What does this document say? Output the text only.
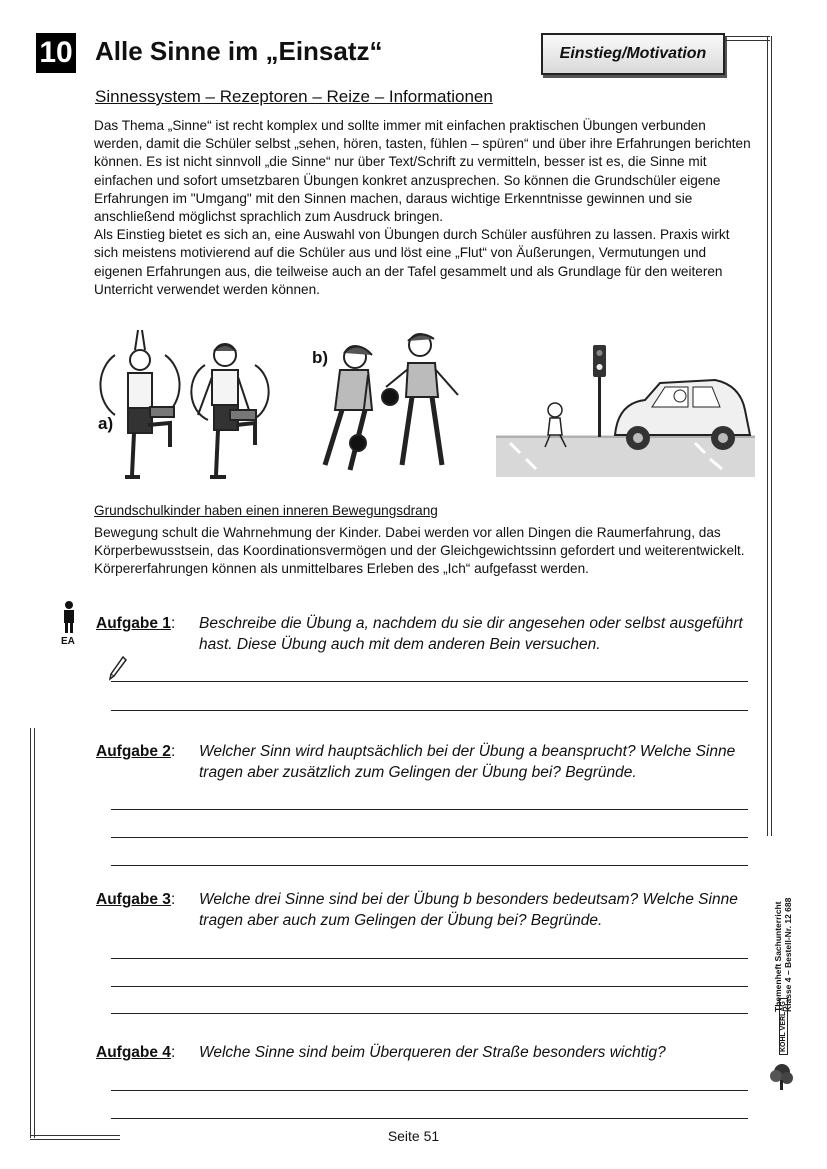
10 Alle Sinne im „Einsatz“	Einstieg/Motivation
Sinnessystem – Rezeptoren – Reize – Informationen

Das Thema „Sinne“ ist recht komplex und sollte immer mit einfachen praktischen Übungen verbunden werden, damit die Schüler selbst „sehen, hören, tasten, fühlen – spüren“ und über ihre Erfahrungen berichten können. Es ist nicht sinnvoll „die Sinne“ nur über Text/Schrift zu vermitteln, besser ist es, die Sinne mit einfachen und sofort umsetzbaren Übungen konkret anzusprechen. So können die Grundschüler eigene Erfahrungen im "Umgang" mit den Sinnen machen, daraus wichtige Erkenntnisse gewinnen und sie anschließend möglichst sprachlich zum Ausdruck bringen.

Als Einstieg bietet es sich an, eine Auswahl von Übungen durch Schüler ausführen zu lassen. Praxis wirkt sich meistens motivierend auf die Schüler aus und löst eine „Flut“ von Äußerungen, Vermutungen und eigenen Erfahrungen aus, die teilweise auch an der Tafel gesammelt und als Grundlage für den weiteren Unterricht verwendet werden können.

a)
b)
Grundschulkinder haben einen inneren Bewegungsdrang
Bewegung schult die Wahrnehmung der Kinder. Dabei werden vor allen Dingen die Raumerfahrung, das Körperbewusstsein, das Koordinationsvermögen und der Gleichgewichtssinn gefordert und weiterentwickelt. Körpererfahrungen können als unmittelbares Erleben des „Ich“ aufgefasst werden.
EA
Aufgabe 1: Beschreibe die Übung a, nachdem du sie dir angesehen oder selbst ausgeführt hast. Diese Übung auch mit dem anderen Bein versuchen.
Aufgabe 2: Welcher Sinn wird hauptsächlich bei der Übung a beansprucht? Welche Sinne tragen aber zusätzlich zum Gelingen der Übung bei? Begründe.
Aufgabe 3: Welche drei Sinne sind bei der Übung b besonders bedeutsam? Welche Sinne tragen aber auch zum Gelingen der Übung bei? Begründe.
Aufgabe 4: Welche Sinne sind beim Überqueren der Straße besonders wichtig?
Themenheft Sachunterricht Klasse 4 – Bestell-Nr. 12 688
KOHL VERLAG
Seite 51
